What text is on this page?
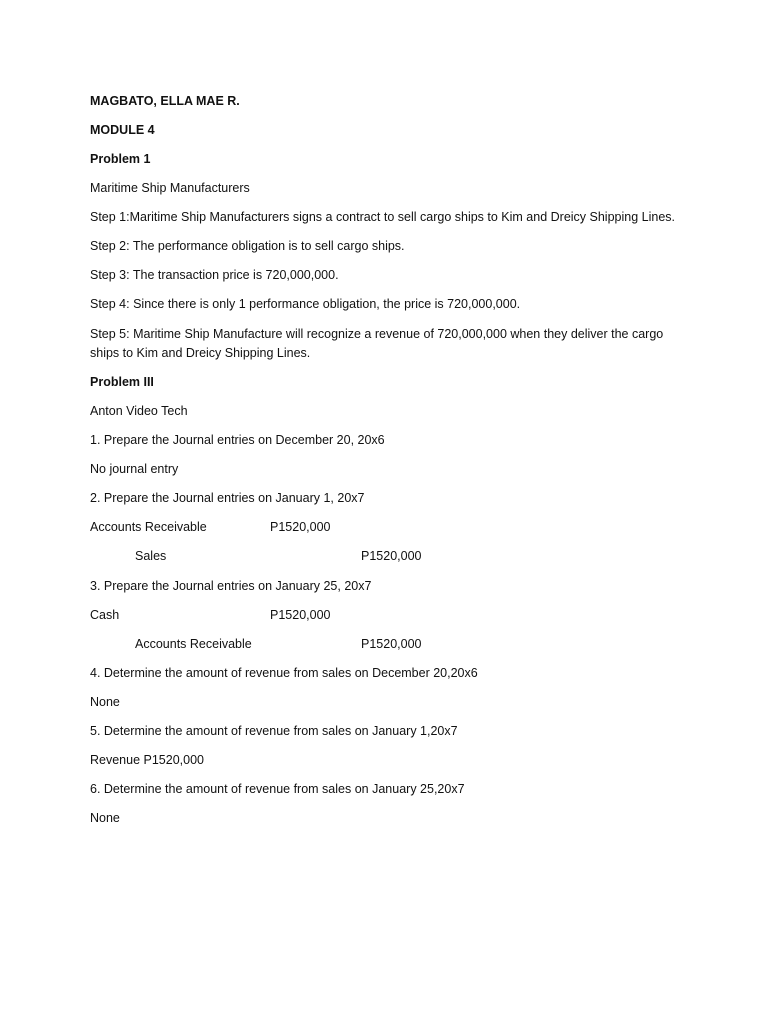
MAGBATO, ELLA MAE R.
MODULE 4
Problem 1
Maritime Ship Manufacturers
Step 1:Maritime Ship Manufacturers signs a contract to sell cargo ships to Kim and Dreicy Shipping Lines.
Step 2: The performance obligation is to sell cargo ships.
Step 3: The transaction price is 720,000,000.
Step 4: Since there is only 1 performance obligation, the price is 720,000,000.
Step 5: Maritime Ship Manufacture will recognize a revenue of 720,000,000 when they deliver the cargo ships to Kim and Dreicy Shipping Lines.
Problem III
Anton Video Tech
1. Prepare the Journal entries on December 20, 20x6
No journal entry
2. Prepare the Journal entries on January 1, 20x7
Accounts Receivable	P1520,000
Sales	P1520,000
3. Prepare the Journal entries on January 25, 20x7
Cash	P1520,000
Accounts Receivable	P1520,000
4. Determine the amount of revenue from sales on December 20,20x6
None
5. Determine the amount of revenue from sales on January 1,20x7
Revenue P1520,000
6. Determine the amount of revenue from sales on January 25,20x7
None
